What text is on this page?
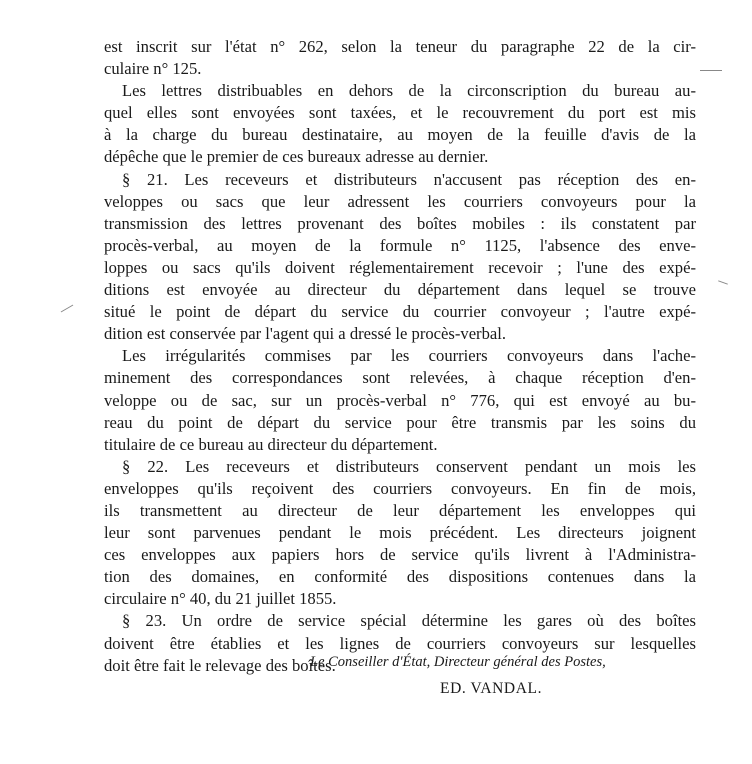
est inscrit sur l'état n° 262, selon la teneur du paragraphe 22 de la cir-
culaire n° 125.
Les lettres distribuables en dehors de la circonscription du bureau au-
quel elles sont envoyées sont taxées, et le recouvrement du port est mis
à la charge du bureau destinataire, au moyen de la feuille d'avis de la
dépêche que le premier de ces bureaux adresse au dernier.
§ 21. Les receveurs et distributeurs n'accusent pas réception des en-
veloppes ou sacs que leur adressent les courriers convoyeurs pour la
transmission des lettres provenant des boîtes mobiles : ils constatent par
procès-verbal, au moyen de la formule n° 1125, l'absence des enve-
loppes ou sacs qu'ils doivent réglementairement recevoir ; l'une des expé-
ditions est envoyée au directeur du département dans lequel se trouve
situé le point de départ du service du courrier convoyeur ; l'autre expé-
dition est conservée par l'agent qui a dressé le procès-verbal.
Les irrégularités commises par les courriers convoyeurs dans l'ache-
minement des correspondances sont relevées, à chaque réception d'en-
veloppe ou de sac, sur un procès-verbal n° 776, qui est envoyé au bu-
reau du point de départ du service pour être transmis par les soins du
titulaire de ce bureau au directeur du département.
§ 22. Les receveurs et distributeurs conservent pendant un mois les
enveloppes qu'ils reçoivent des courriers convoyeurs. En fin de mois,
ils transmettent au directeur de leur département les enveloppes qui
leur sont parvenues pendant le mois précédent. Les directeurs joignent
ces enveloppes aux papiers hors de service qu'ils livrent à l'Administra-
tion des domaines, en conformité des dispositions contenues dans la
circulaire n° 40, du 21 juillet 1855.
§ 23. Un ordre de service spécial détermine les gares où des boîtes
doivent être établies et les lignes de courriers convoyeurs sur lesquelles
doit être fait le relevage des boîtes.
Le Conseiller d'État, Directeur général des Postes,
ED. VANDAL.
